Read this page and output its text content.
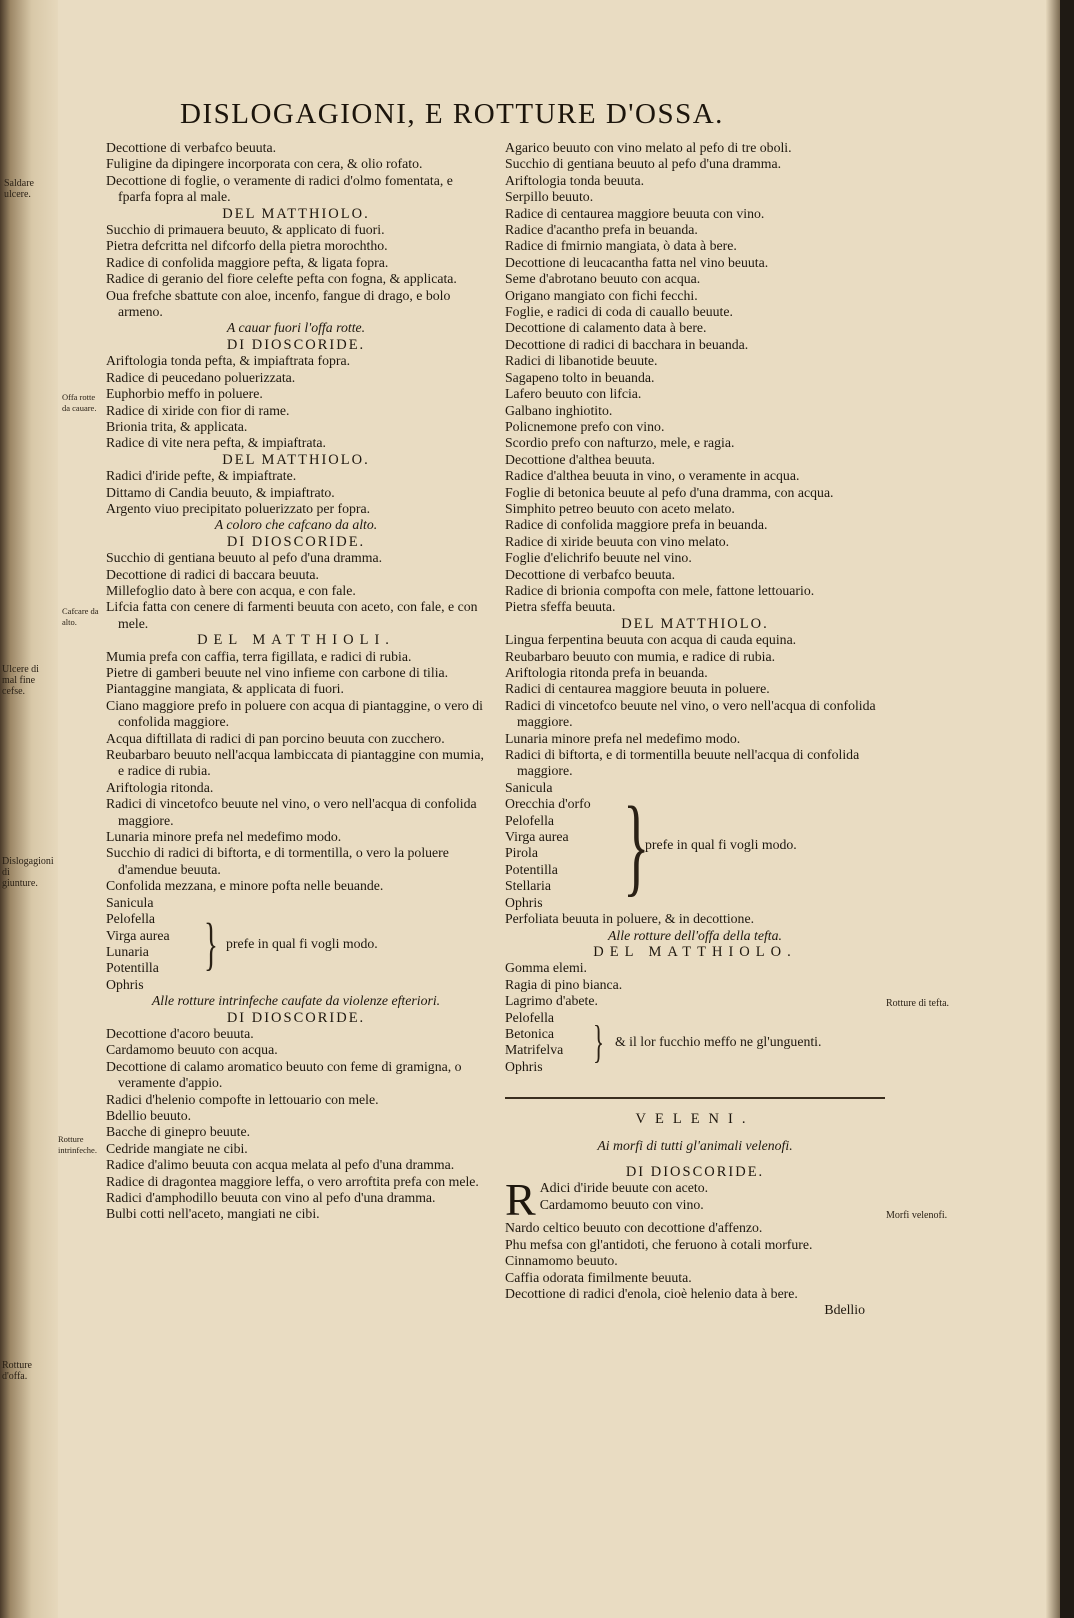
DISLOGAGIONI, E ROTTURE D'OSSA.
Saldare ulcere.
Offa rotte da cauare.
Cafcare da alto.
Ulcere di mal fine cefse.
Dislogagioni di giunture.
Rotture intrinfeche.
Rotture d'offa.
Rotture di tefta.
Morfi velenofi.

Decottione di verbafco beuuta.

Fuligine da dipingere incorporata con cera, & olio rofato.

Decottione di foglie, o veramente di radici d'olmo fomentata, e fparfa fopra al male.

DEL MATTHIOLO.

Succhio di primauera beuuto, & applicato di fuori.

Pietra defcritta nel difcorfo della pietra morochtho.

Radice di confolida maggiore pefta, & ligata fopra.

Radice di geranio del fiore celefte pefta con fogna, & applicata.

Oua frefche sbattute con aloe, incenfo, fangue di drago, e bolo armeno.

A cauar fuori l'offa rotte.

DI DIOSCORIDE.

Ariftologia tonda pefta, & impiaftrata fopra.

Radice di peucedano poluerizzata.

Euphorbio meffo in poluere.

Radice di xiride con fior di rame.

Brionia trita, & applicata.

Radice di vite nera pefta, & impiaftrata.

DEL MATTHIOLO.

Radici d'iride pefte, & impiaftrate.

Dittamo di Candia beuuto, & impiaftrato.

Argento viuo precipitato poluerizzato per fopra.

A coloro che cafcano da alto.

DI DIOSCORIDE.

Succhio di gentiana beuuto al pefo d'una dramma.

Decottione di radici di baccara beuuta.

Millefoglio dato à bere con acqua, e con fale.

Lifcia fatta con cenere di farmenti beuuta con aceto, con fale, e con mele.

DEL MATTHIOLI.

Mumia prefa con caffia, terra figillata, e radici di rubia.

Pietre di gamberi beuute nel vino infieme con carbone di tilia.

Piantaggine mangiata, & applicata di fuori.

Ciano maggiore prefo in poluere con acqua di piantaggine, o vero di confolida maggiore.

Acqua diftillata di radici di pan porcino beuuta con zucchero.

Reubarbaro beuuto nell'acqua lambiccata di piantaggine con mumia, e radice di rubia.

Ariftologia ritonda.

Radici di vincetofco beuute nel vino, o vero nell'acqua di confolida maggiore.

Lunaria minore prefa nel medefimo modo.

Succhio di radici di biftorta, e di tormentilla, o vero la poluere d'amendue beuuta.

Confolida mezzana, e minore pofta nelle beuande.

Sanicula

Pelofella

Virga aurea

Lunaria

Potentilla

Ophris

} prefe in qual fi vogli modo.

Alle rotture intrinfeche caufate da violenze efteriori.

DI DIOSCORIDE.

Decottione d'acoro beuuta.

Cardamomo beuuto con acqua.

Decottione di calamo aromatico beuuto con feme di gramigna, o veramente d'appio.

Radici d'helenio compofte in lettouario con mele.

Bdellio beuuto.

Bacche di ginepro beuute.

Cedride mangiate ne cibi.

Radice d'alimo beuuta con acqua melata al pefo d'una dramma.

Radice di dragontea maggiore leffa, o vero arroftita prefa con mele.

Radici d'amphodillo beuuta con vino al pefo d'una dramma.

Bulbi cotti nell'aceto, mangiati ne cibi.

Agarico beuuto con vino melato al pefo di tre oboli.

Succhio di gentiana beuuto al pefo d'una dramma.

Ariftologia tonda beuuta.

Serpillo beuuto.

Radice di centaurea maggiore beuuta con vino.

Radice d'acantho prefa in beuanda.

Radice di fmirnio mangiata, ò data à bere.

Decottione di leucacantha fatta nel vino beuuta.

Seme d'abrotano beuuto con acqua.

Origano mangiato con fichi fecchi.

Foglie, e radici di coda di cauallo beuute.

Decottione di calamento data à bere.

Decottione di radici di bacchara in beuanda.

Radici di libanotide beuute.

Sagapeno tolto in beuanda.

Lafero beuuto con lifcia.

Galbano inghiotito.

Policnemone prefo con vino.

Scordio prefo con nafturzo, mele, e ragia.

Decottione d'althea beuuta.

Radice d'althea beuuta in vino, o veramente in acqua.

Foglie di betonica beuute al pefo d'una dramma, con acqua.

Simphito petreo beuuto con aceto melato.

Radice di confolida maggiore prefa in beuanda.

Radice di xiride beuuta con vino melato.

Foglie d'elichrifo beuute nel vino.

Decottione di verbafco beuuta.

Radice di brionia compofta con mele, fattone lettouario.

Pietra sfeffa beuuta.

DEL MATTHIOLO.

Lingua ferpentina beuuta con acqua di cauda equina.

Reubarbaro beuuto con mumia, e radice di rubia.

Ariftologia ritonda prefa in beuanda.

Radici di centaurea maggiore beuuta in poluere.

Radici di vincetofco beuute nel vino, o vero nell'acqua di confolida maggiore.

Lunaria minore prefa nel medefimo modo.

Radici di biftorta, e di tormentilla beuute nell'acqua di confolida maggiore.

Sanicula

Orecchia d'orfo

Pelofella

Virga aurea

Pirola

Potentilla

Stellaria

Ophris }
prefe in qual fi vogli modo.

Perfoliata beuuta in poluere, & in decottione.

Alle rotture dell'offa della tefta.

DEL MATTHIOLO.

Gomma elemi.

Ragia di pino bianca.

Lagrimo d'abete.

Pelofella

Betonica

Matrifelva

Ophris	} & il lor fucchio meffo ne gl'unguenti.

VELENI.

Ai morfi di tutti gl'animali velenofi.

DI DIOSCORIDE.

R Adici d'iride beuute con aceto.

Cardamomo beuuto con vino.

Nardo celtico beuuto con decottione d'affenzo.

Phu mefsa con gl'antidoti, che feruono à cotali morfure.

Cinnamomo beuuto.

Caffia odorata fimilmente beuuta.

Decottione di radici d'enola, cioè helenio data à bere.

Bdellio
